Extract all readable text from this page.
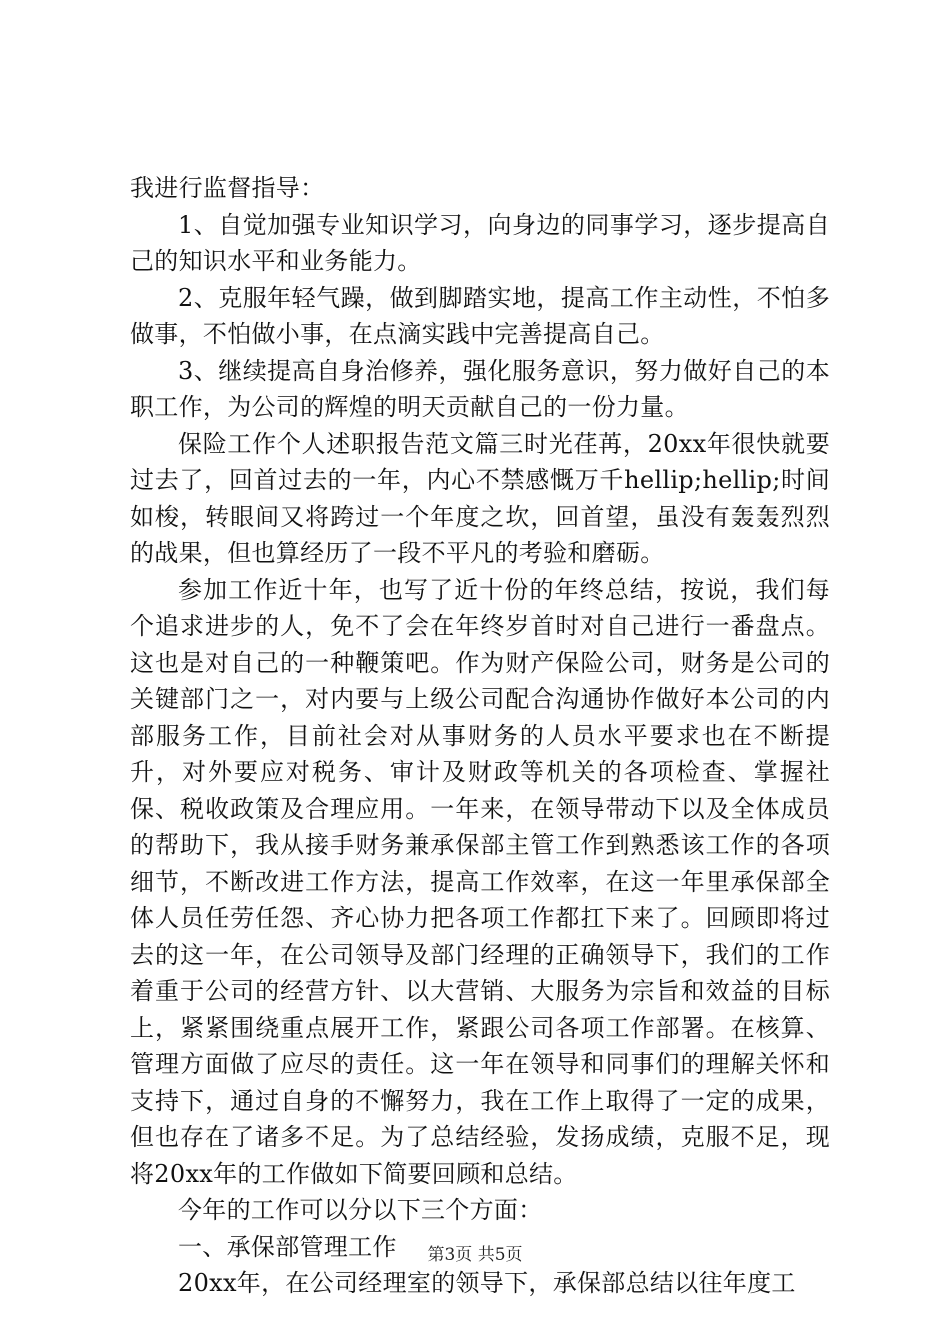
我进行监督指导：

1、自觉加强专业知识学习，向身边的同事学习，逐步提高自己的知识水平和业务能力。

2、克服年轻气躁，做到脚踏实地，提高工作主动性，不怕多做事，不怕做小事，在点滴实践中完善提高自己。

3、继续提高自身治修养，强化服务意识，努力做好自己的本职工作，为公司的辉煌的明天贡献自己的一份力量。

保险工作个人述职报告范文篇三时光荏苒，20xx年很快就要过去了，回首过去的一年，内心不禁感慨万千hellip;hellip;时间如梭，转眼间又将跨过一个年度之坎，回首望，虽没有轰轰烈烈的战果，但也算经历了一段不平凡的考验和磨砺。

参加工作近十年，也写了近十份的年终总结，按说，我们每个追求进步的人，免不了会在年终岁首时对自己进行一番盘点。这也是对自己的一种鞭策吧。作为财产保险公司，财务是公司的关键部门之一，对内要与上级公司配合沟通协作做好本公司的内部服务工作，目前社会对从事财务的人员水平要求也在不断提升，对外要应对税务、审计及财政等机关的各项检查、掌握社保、税收政策及合理应用。一年来，在领导带动下以及全体成员的帮助下，我从接手财务兼承保部主管工作到熟悉该工作的各项细节，不断改进工作方法，提高工作效率，在这一年里承保部全体人员任劳任怨、齐心协力把各项工作都扛下来了。回顾即将过去的这一年，在公司领导及部门经理的正确领导下，我们的工作着重于公司的经营方针、以大营销、大服务为宗旨和效益的目标上，紧紧围绕重点展开工作，紧跟公司各项工作部署。在核算、管理方面做了应尽的责任。这一年在领导和同事们的理解关怀和支持下，通过自身的不懈努力，我在工作上取得了一定的成果，但也存在了诸多不足。为了总结经验，发扬成绩，克服不足，现将20xx年的工作做如下简要回顾和总结。

今年的工作可以分以下三个方面：

一、承保部管理工作

20xx年，在公司经理室的领导下，承保部总结以往年度工

第3页 共5页
